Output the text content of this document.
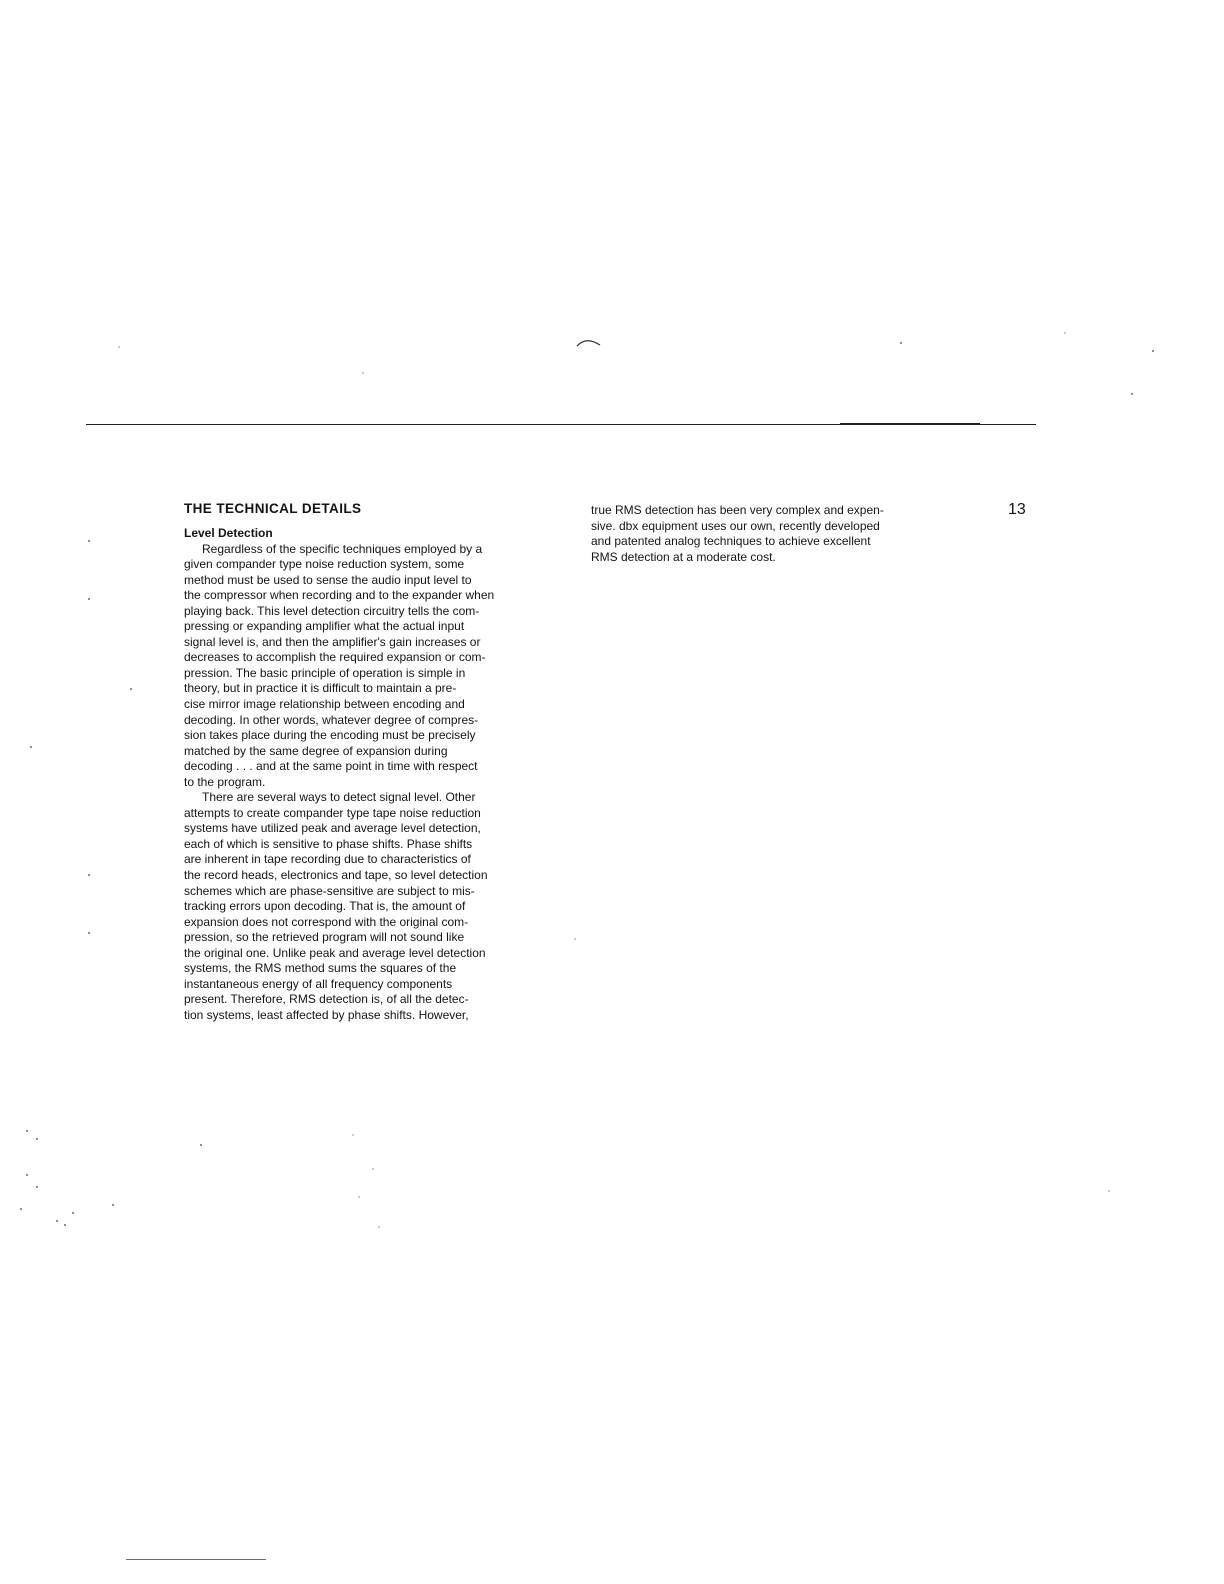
THE TECHNICAL DETAILS
Level Detection

Regardless of the specific techniques employed by a
given compander type noise reduction system, some
method must be used to sense the audio input level to
the compressor when recording and to the expander when
playing back. This level detection circuitry tells the com-
pressing or expanding amplifier what the actual input
signal level is, and then the amplifier's gain increases or
decreases to accomplish the required expansion or com-
pression. The basic principle of operation is simple in
theory, but in practice it is difficult to maintain a pre-
cise mirror image relationship between encoding and
decoding. In other words, whatever degree of compres-
sion takes place during the encoding must be precisely
matched by the same degree of expansion during
decoding . . . and at the same point in time with respect
to the program.

There are several ways to detect signal level. Other
attempts to create compander type tape noise reduction
systems have utilized peak and average level detection,
each of which is sensitive to phase shifts. Phase shifts
are inherent in tape recording due to characteristics of
the record heads, electronics and tape, so level detection
schemes which are phase-sensitive are subject to mis-
tracking errors upon decoding. That is, the amount of
expansion does not correspond with the original com-
pression, so the retrieved program will not sound like
the original one. Unlike peak and average level detection
systems, the RMS method sums the squares of the
instantaneous energy of all frequency components
present. Therefore, RMS detection is, of all the detec-
tion systems, least affected by phase shifts. However,

true RMS detection has been very complex and expen-
sive. dbx equipment uses our own, recently developed
and patented analog techniques to achieve excellent
RMS detection at a moderate cost.

13
